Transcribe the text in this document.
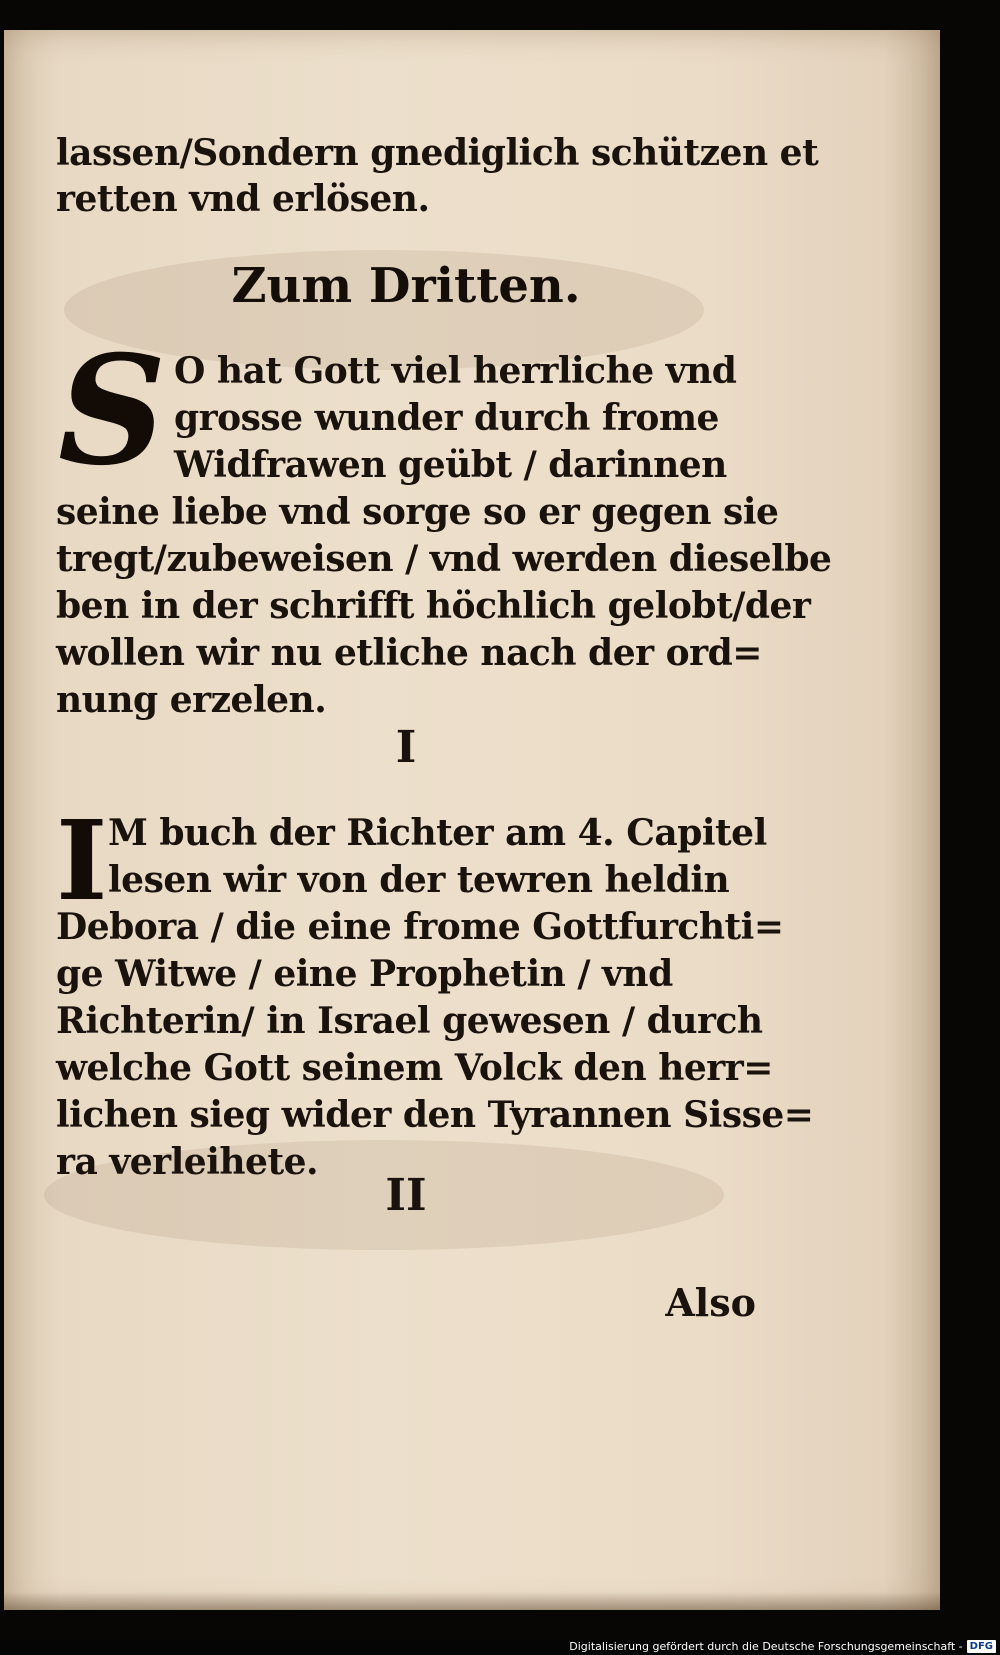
lassen/Sondern gnediglich schützen et
retten vnd erlösen.
Zum Dritten.
S O hat Gott viel herrliche vnd
grosse wunder durch frome
Widfrawen geübt / darinnen
seine liebe vnd sorge so er gegen sie
tregt/zubeweisen / vnd werden dieselbe
ben in der schrifft höchlich gelobt/der
wollen wir nu etliche nach der ord=
nung erzelen.
I
I M buch der Richter am 4. Capitel
lesen wir von der tewren heldin
Debora / die eine frome Gottfurchti=
ge Witwe / eine Prophetin / vnd
Richterin/ in Israel gewesen / durch
welche Gott seinem Volck den herr=
lichen sieg wider den Tyrannen Sisse=
ra verleihete.
II
Also
Digitalisierung gefördert durch die Deutsche Forschungsgemeinschaft - DFG
